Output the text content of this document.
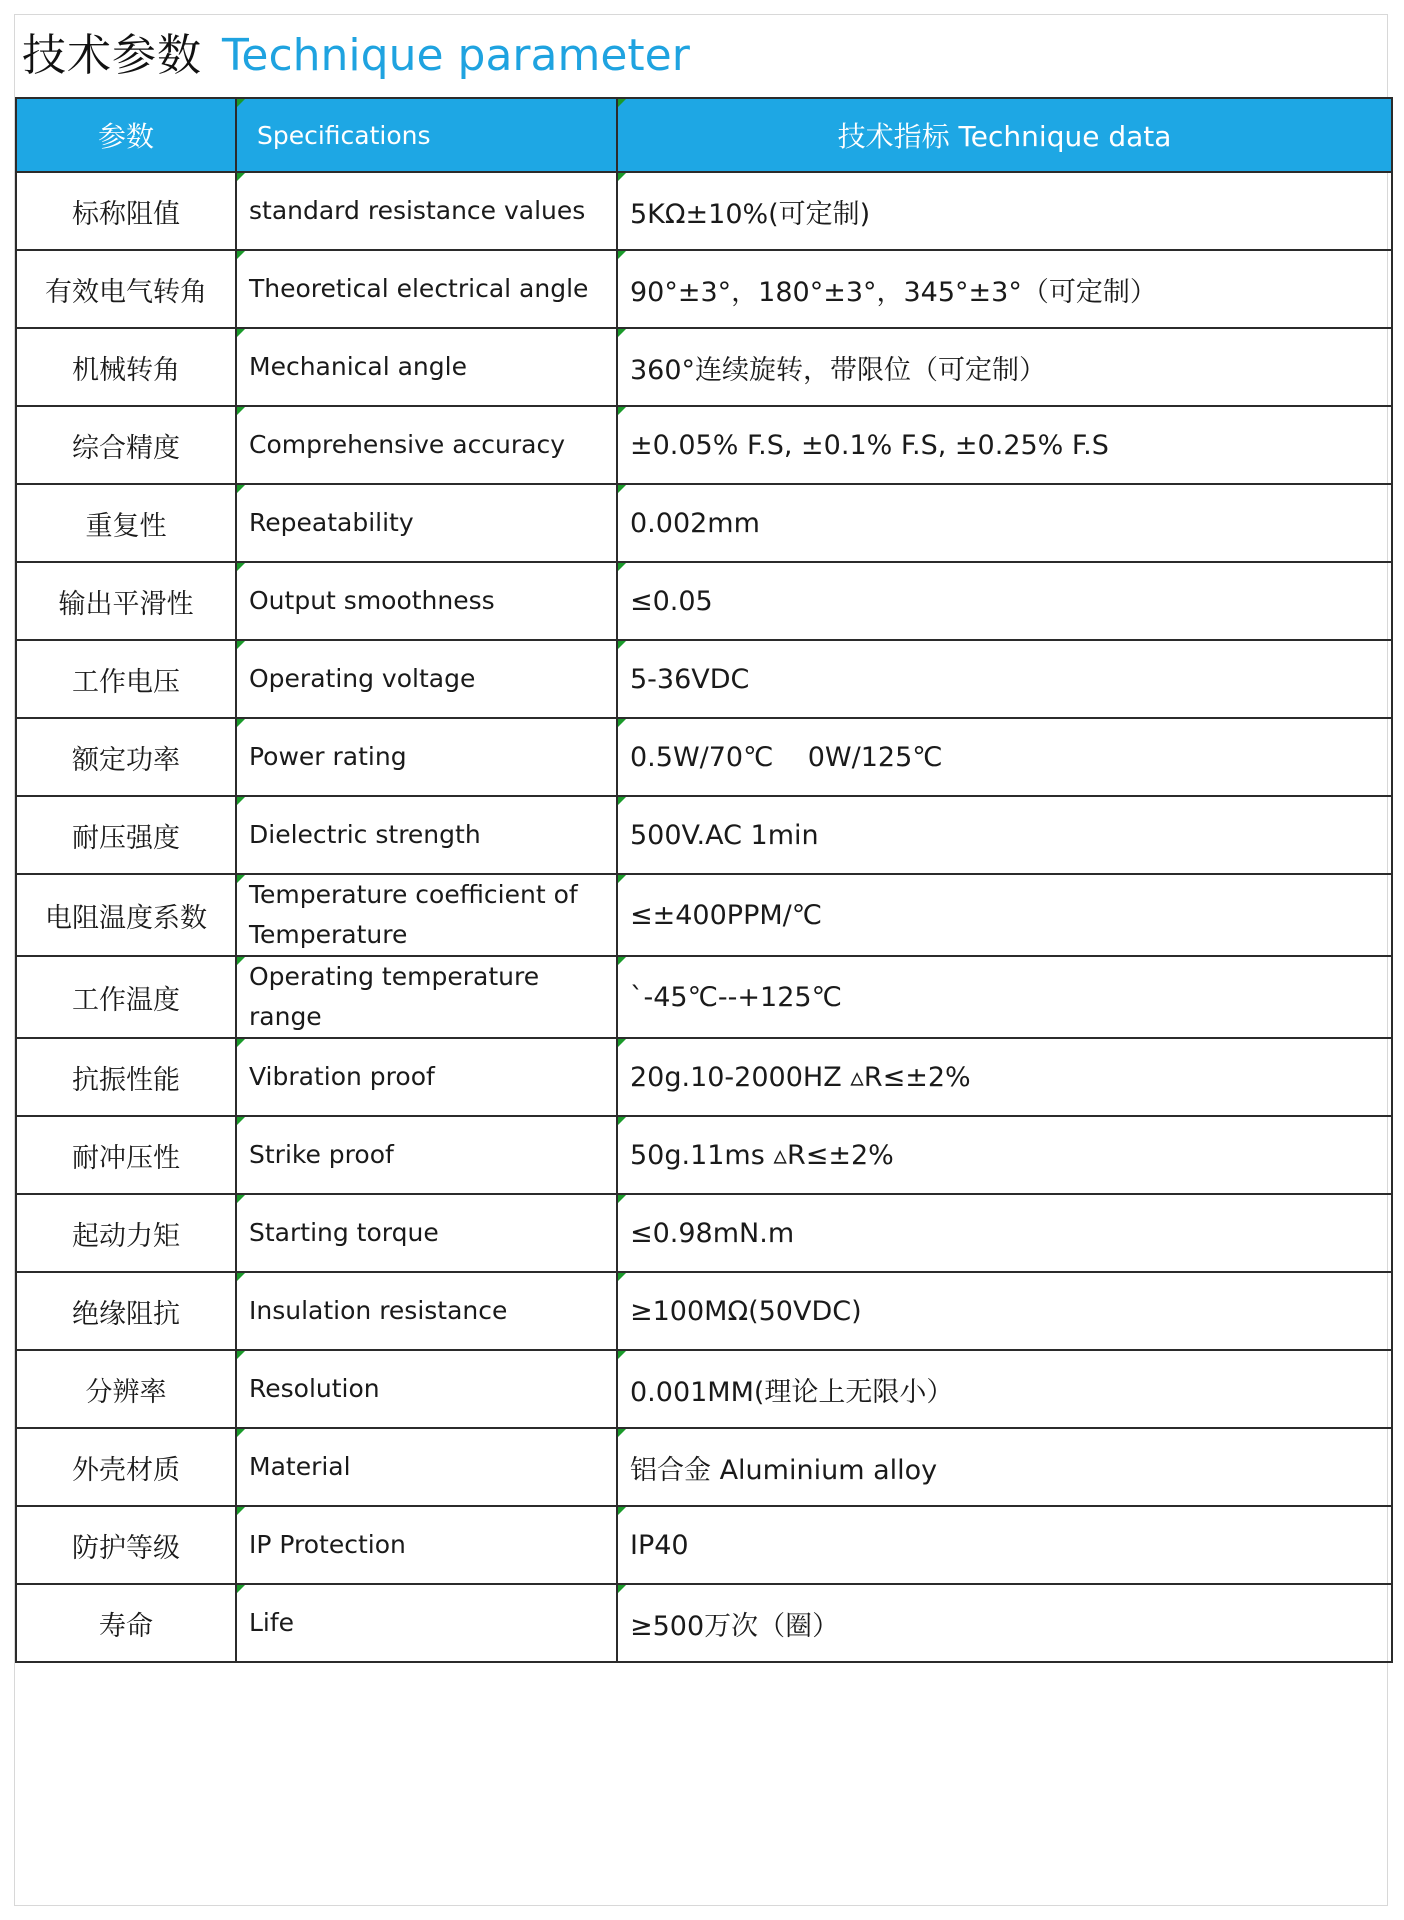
技术参数 Technique parameter
参数	Specifications	技术指标 Technique data
标称阻值	standard resistance values	5KΩ±10%(可定制)
有效电气转角	Theoretical electrical angle	90°±3°，180°±3°，345°±3°（可定制）
机械转角	Mechanical angle	360°连续旋转，带限位（可定制）
综合精度	Comprehensive accuracy	±0.05% F.S, ±0.1% F.S, ±0.25% F.S
重复性	Repeatability	0.002mm
输出平滑性	Output smoothness	≤0.05
工作电压	Operating voltage	5-36VDC
额定功率	Power rating	0.5W/70℃    0W/125℃
耐压强度	Dielectric strength	500V.AC 1min
电阻温度系数	Temperature coefficient of Temperature	≤±400PPM/℃
工作温度	Operating temperature range	`-45℃--+125℃
抗振性能	Vibration proof	20g.10-2000HZ ▵R≤±2%
耐冲压性	Strike proof	50g.11ms ▵R≤±2%
起动力矩	Starting torque	≤0.98mN.m
绝缘阻抗	Insulation resistance	≥100MΩ(50VDC)
分辨率	Resolution	0.001MM(理论上无限小）
外壳材质	Material	铝合金 Aluminium alloy
防护等级	IP Protection	IP40
寿命	Life	≥500万次（圈）
